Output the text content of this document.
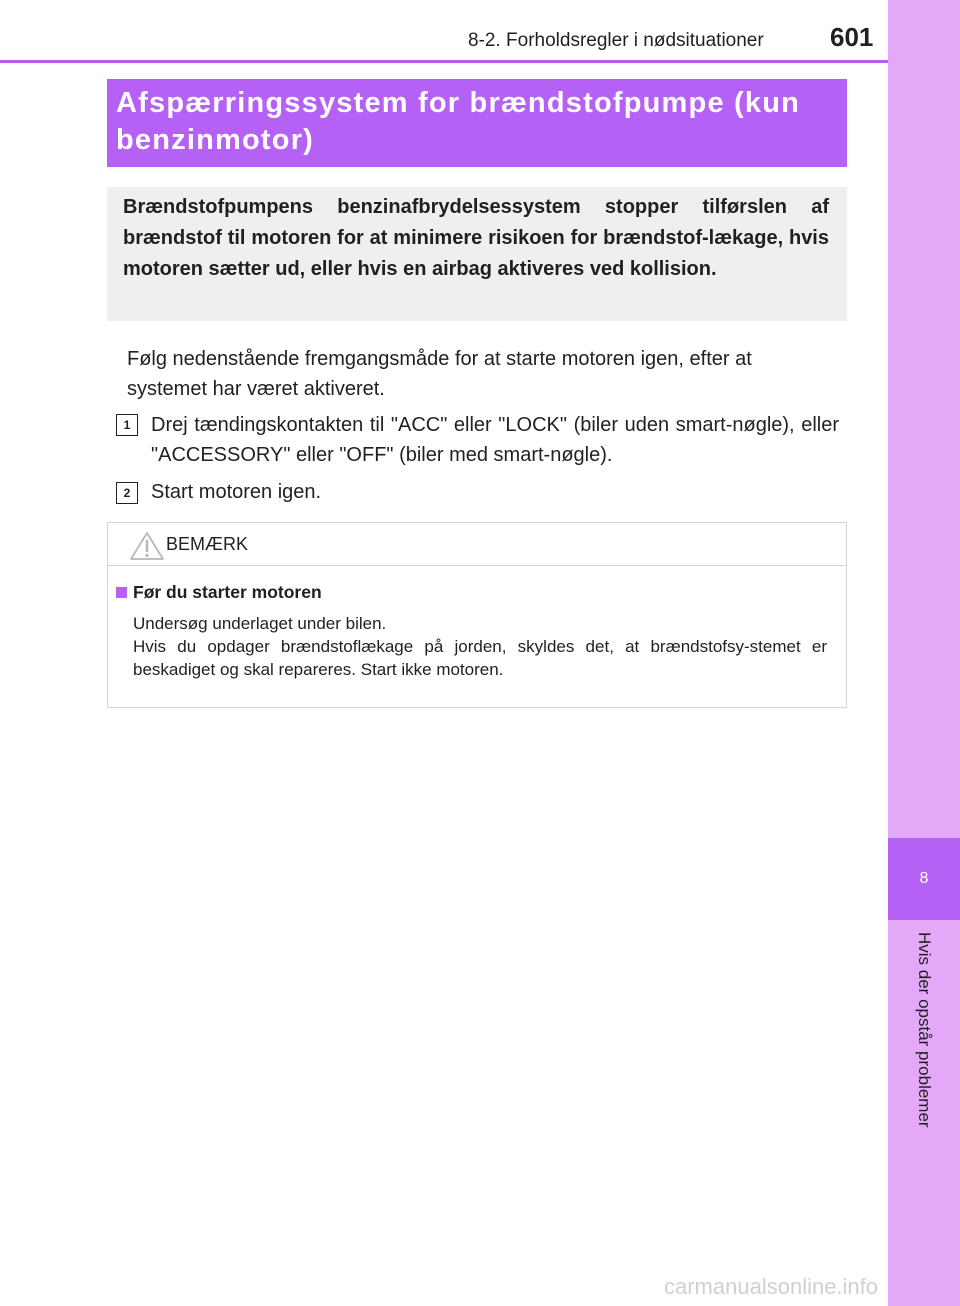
8-2. Forholdsregler i nødsituationer	601
8
Hvis der opstår problemer
Afspærringssystem for brændstofpumpe (kun benzinmotor)

Brændstofpumpens benzinafbrydelsessystem stopper tilførslen af brændstof til motoren for at minimere risikoen for brændstof-lækage, hvis motoren sætter ud, eller hvis en airbag aktiveres ved kollision.

Følg nedenstående fremgangsmåde for at starte motoren igen, efter at systemet har været aktiveret.

1	Drej tændingskontakten til "ACC" eller "LOCK" (biler uden smart-nøgle), eller "ACCESSORY" eller "OFF" (biler med smart-nøgle).

2	Start motoren igen.

BEMÆRK
Før du starter motoren

Undersøg underlaget under bilen.

Hvis du opdager brændstoflækage på jorden, skyldes det, at brændstofsy-stemet er beskadiget og skal repareres. Start ikke motoren.

carmanualsonline.info
